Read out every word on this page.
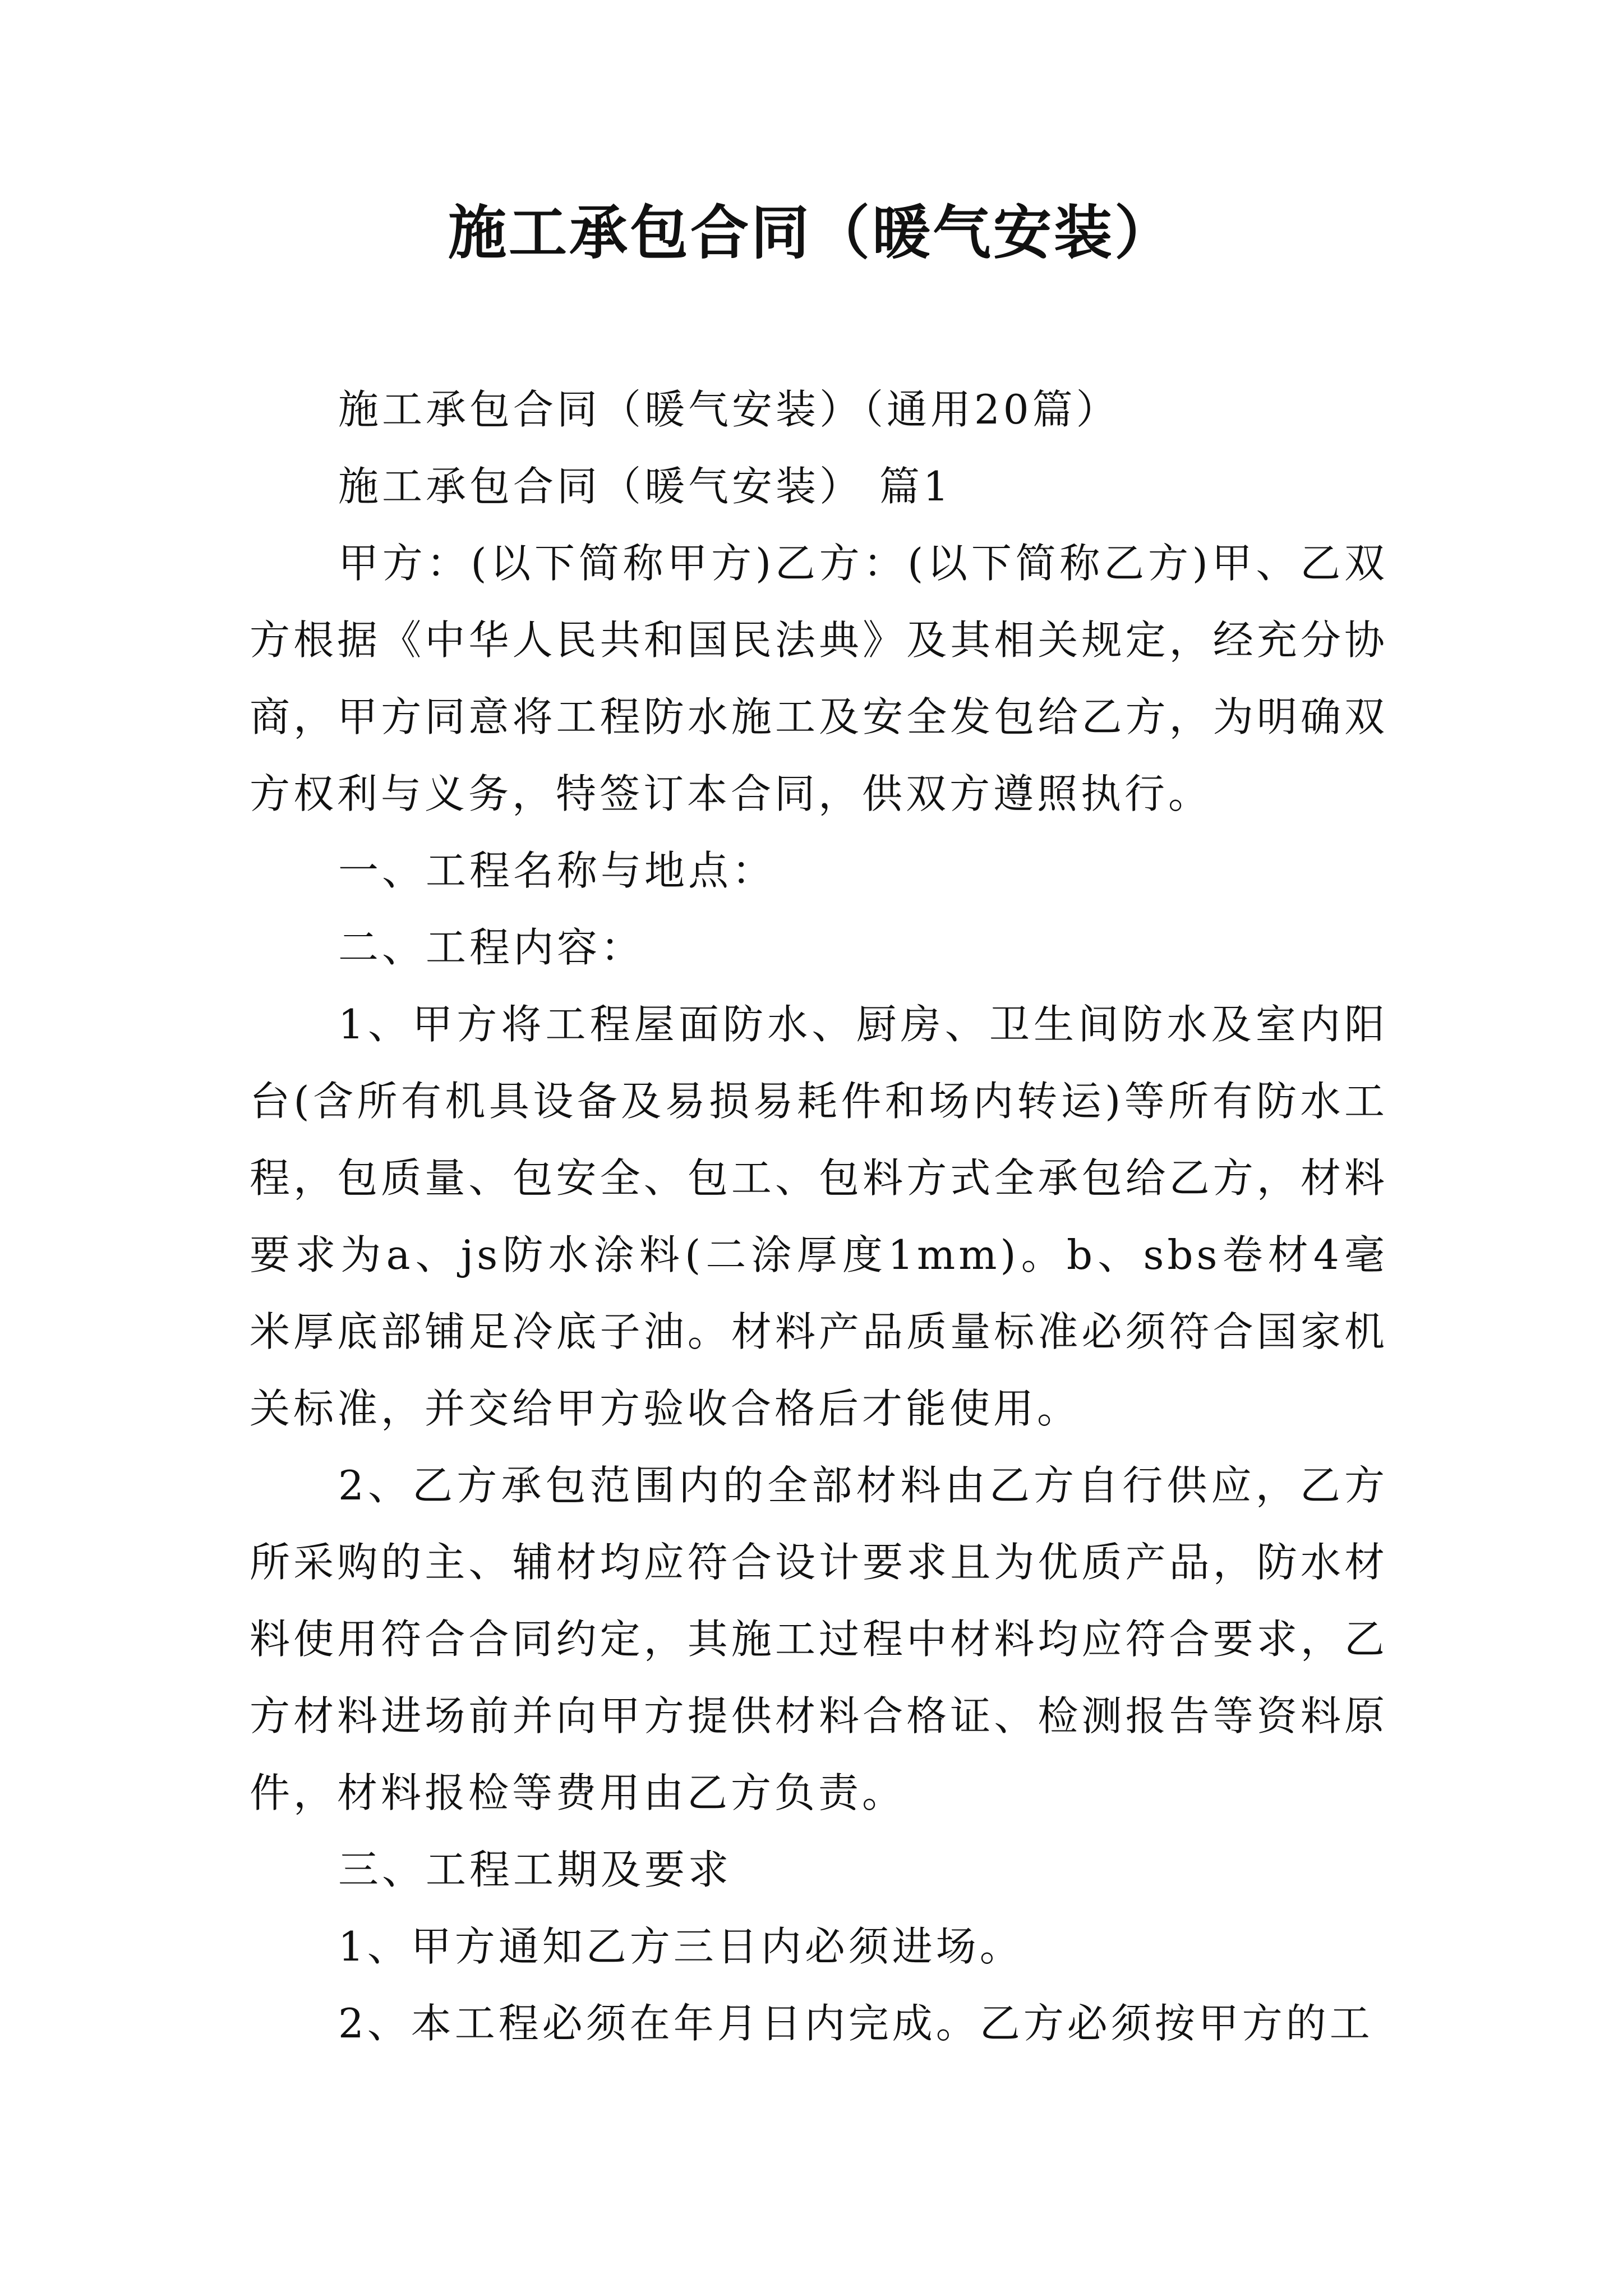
施工承包合同（暖气安装）

施工承包合同（暖气安装）（通用20篇）

施工承包合同（暖气安装） 篇1

甲方：(以下简称甲方)乙方：(以下简称乙方)甲、乙双方根据《中华人民共和国民法典》及其相关规定，经充分协商，甲方同意将工程防水施工及安全发包给乙方，为明确双方权利与义务，特签订本合同，供双方遵照执行。

一、工程名称与地点：

二、工程内容：

1、甲方将工程屋面防水、厨房、卫生间防水及室内阳台(含所有机具设备及易损易耗件和场内转运)等所有防水工程，包质量、包安全、包工、包料方式全承包给乙方，材料要求为a、js防水涂料(二涂厚度1mm)。b、sbs卷材4毫米厚底部铺足冷底子油。材料产品质量标准必须符合国家机关标准，并交给甲方验收合格后才能使用。

2、乙方承包范围内的全部材料由乙方自行供应，乙方所采购的主、辅材均应符合设计要求且为优质产品，防水材料使用符合合同约定，其施工过程中材料均应符合要求，乙方材料进场前并向甲方提供材料合格证、检测报告等资料原件，材料报检等费用由乙方负责。

三、工程工期及要求

1、甲方通知乙方三日内必须进场。

2、本工程必须在年月日内完成。乙方必须按甲方的工
